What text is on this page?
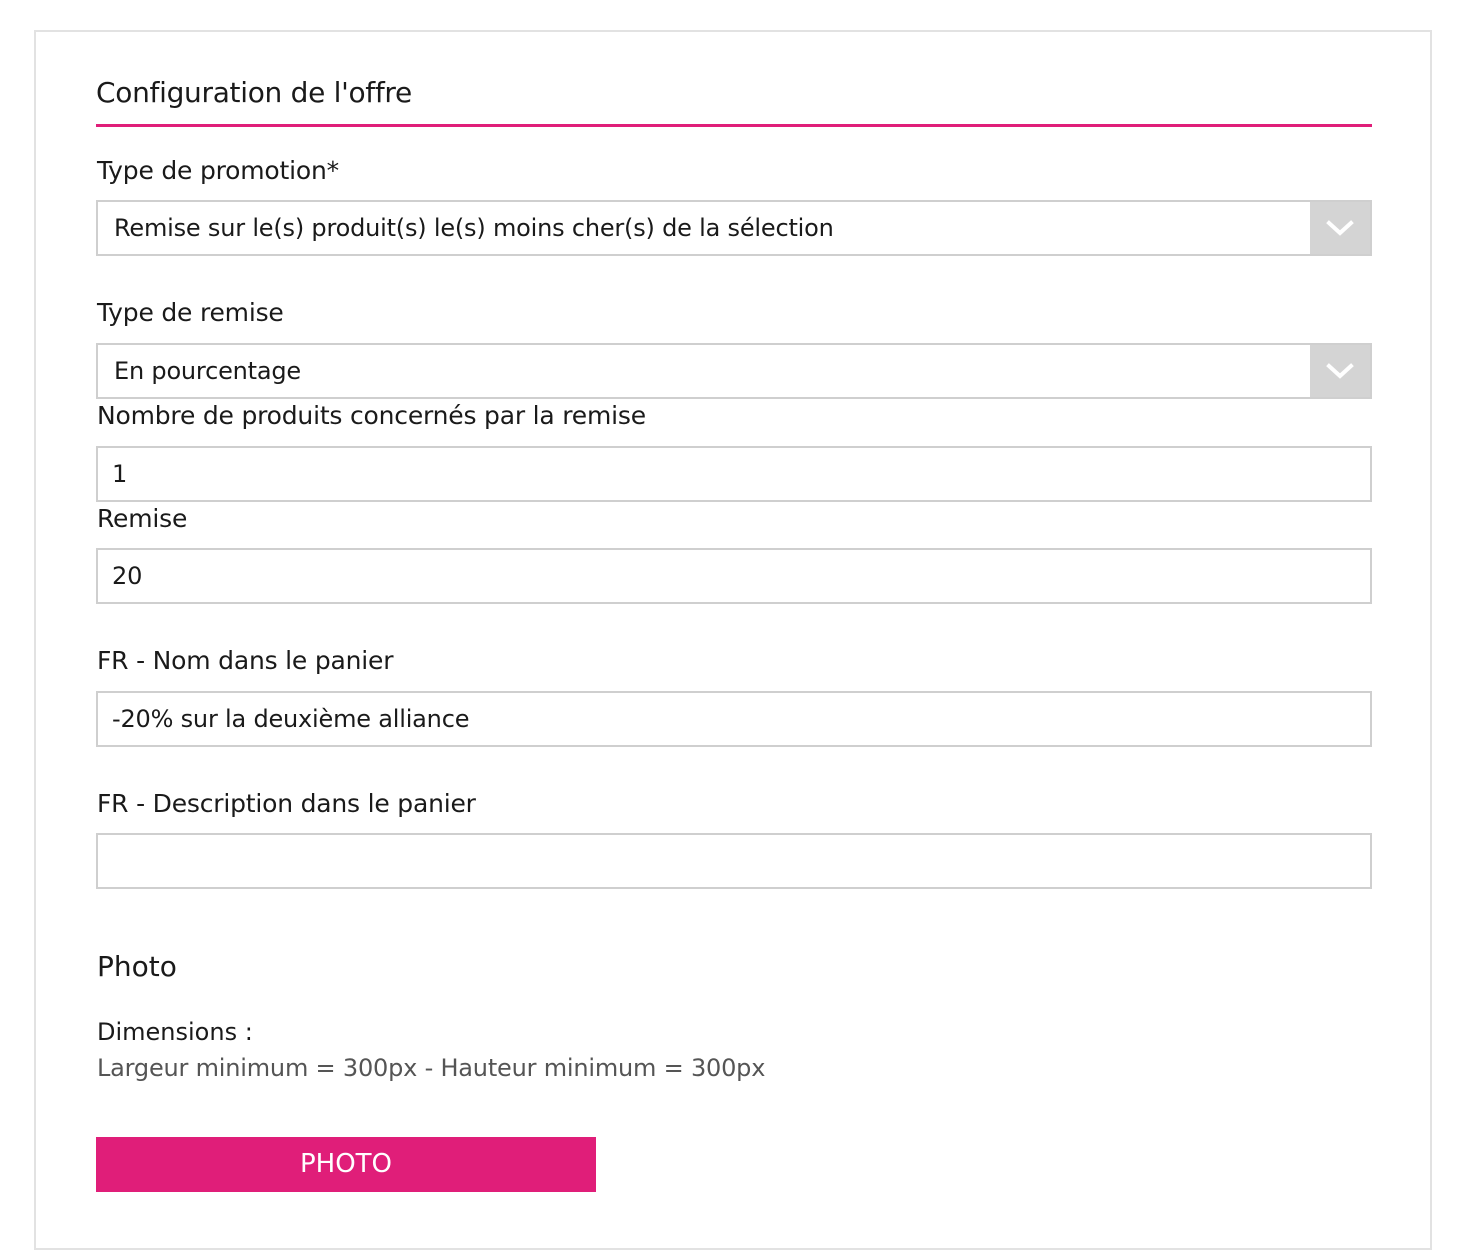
Configuration de l'offre
Type de promotion*
Remise sur le(s) produit(s) le(s) moins cher(s) de la sélection
Type de remise
En pourcentage
Nombre de produits concernés par la remise
1
Remise
20
FR - Nom dans le panier
-20% sur la deuxième alliance
FR - Description dans le panier
Photo
Dimensions :
Largeur minimum = 300px - Hauteur minimum = 300px
PHOTO
